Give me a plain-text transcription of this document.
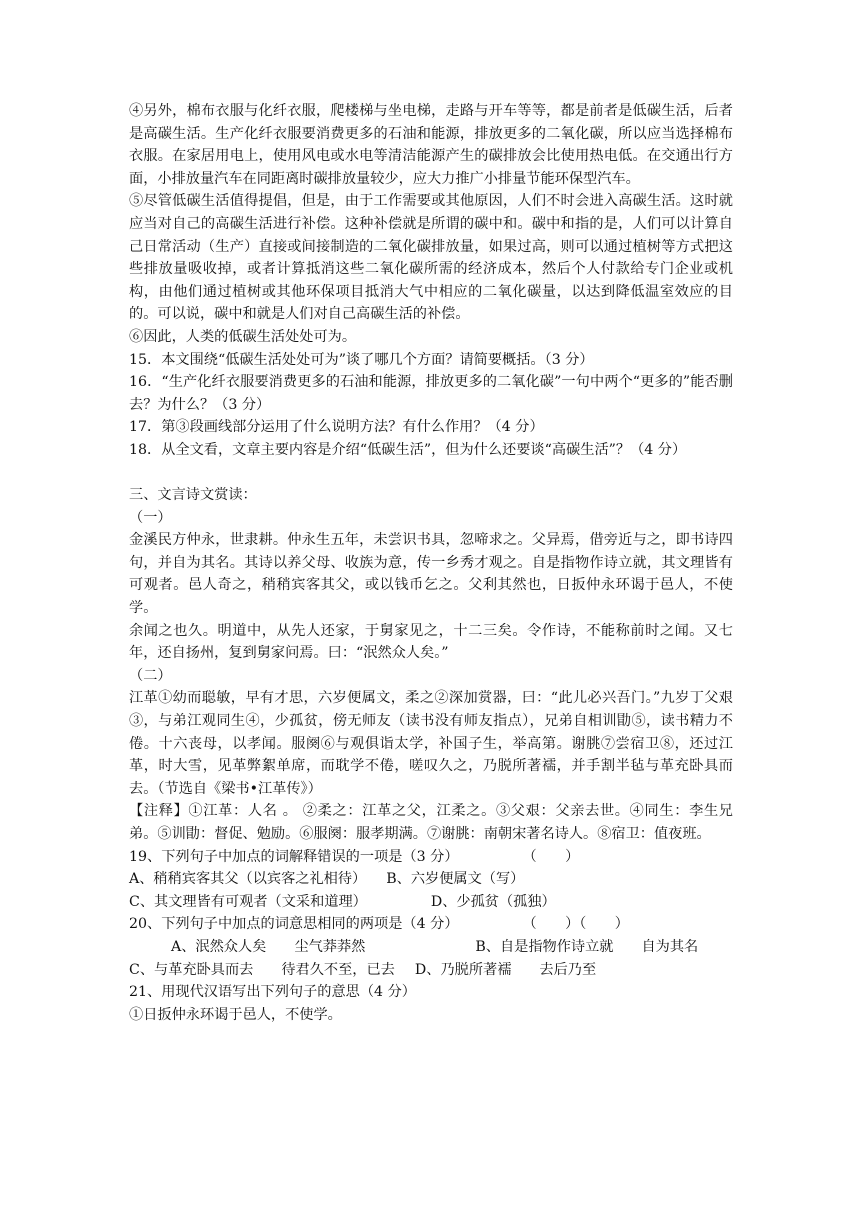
④另外，棉布衣服与化纤衣服，爬楼梯与坐电梯，走路与开车等等，都是前者是低碳生活，后者是高碳生活。生产化纤衣服要消费更多的石油和能源，排放更多的二氧化碳，所以应当选择棉布衣服。在家居用电上，使用风电或水电等清洁能源产生的碳排放会比使用热电低。在交通出行方面，小排放量汽车在同距离时碳排放量较少，应大力推广小排量节能环保型汽车。

⑤尽管低碳生活值得提倡，但是，由于工作需要或其他原因，人们不时会进入高碳生活。这时就应当对自己的高碳生活进行补偿。这种补偿就是所谓的碳中和。碳中和指的是，人们可以计算自己日常活动（生产）直接或间接制造的二氧化碳排放量，如果过高，则可以通过植树等方式把这些排放量吸收掉，或者计算抵消这些二氧化碳所需的经济成本，然后个人付款给专门企业或机构，由他们通过植树或其他环保项目抵消大气中相应的二氧化碳量，以达到降低温室效应的目的。可以说，碳中和就是人们对自己高碳生活的补偿。

⑥因此，人类的低碳生活处处可为。

15．本文围绕“低碳生活处处可为”谈了哪几个方面？请简要概括。（3 分）

16．“生产化纤衣服要消费更多的石油和能源，排放更多的二氧化碳”一句中两个“更多的”能否删去？为什么？（3 分）

17．第③段画线部分运用了什么说明方法？有什么作用？（4 分）

18．从全文看，文章主要内容是介绍“低碳生活”，但为什么还要谈“高碳生活”？（4 分）

三、文言诗文赏读：

（一）

金溪民方仲永，世隶耕。仲永生五年，未尝识书具，忽啼求之。父异焉，借旁近与之，即书诗四句，并自为其名。其诗以养父母、收族为意，传一乡秀才观之。自是指物作诗立就，其文理皆有可观者。邑人奇之，稍稍宾客其父，或以钱币乞之。父利其然也，日扳仲永环谒于邑人，不使学。

余闻之也久。明道中，从先人还家，于舅家见之，十二三矣。令作诗，不能称前时之闻。又七年，还自扬州，复到舅家问焉。曰：“泯然众人矣。”

（二）

江革①幼而聪敏，早有才思，六岁便属文，柔之②深加赏器，曰：“此儿必兴吾门。”九岁丁父艰③，与弟江观同生④，少孤贫，傍无师友（读书没有师友指点），兄弟自相训勖⑤，读书精力不倦。十六丧母，以孝闻。服阕⑥与观俱诣太学，补国子生，举高第。谢朓⑦尝宿卫⑧，还过江革，时大雪，见革弊絮单席，而耽学不倦，嗟叹久之，乃脱所著襦，并手割半毡与革充卧具而去。（节选自《梁书•江革传》）

【注释】①江革：人名 。 ②柔之：江革之父，江柔之。③父艰：父亲去世。④同生：李生兄弟。⑤训勖：督促、勉励。⑥服阕：服孝期满。⑦谢朓：南朝宋著名诗人。⑧宿卫：值夜班。

19、下列句子中加点的词解释错误的一项是（3 分）	（　　）

A、稍稍宾客其父（以宾客之礼相待） B、六岁便属文（写）

C、其文理皆有可观者（文采和道理）	D、少孤贫（孤独）

20、下列句子中加点的词意思相同的两项是（4 分）	（　　）（　　）

A、泯然众人矣 尘气莽莽然	B、自是指物作诗立就 自为其名

C、与革充卧具而去 待君久不至，已去 D、乃脱所著襦 去后乃至

21、用现代汉语写出下列句子的意思（4 分）

①日扳仲永环谒于邑人，不使学。
